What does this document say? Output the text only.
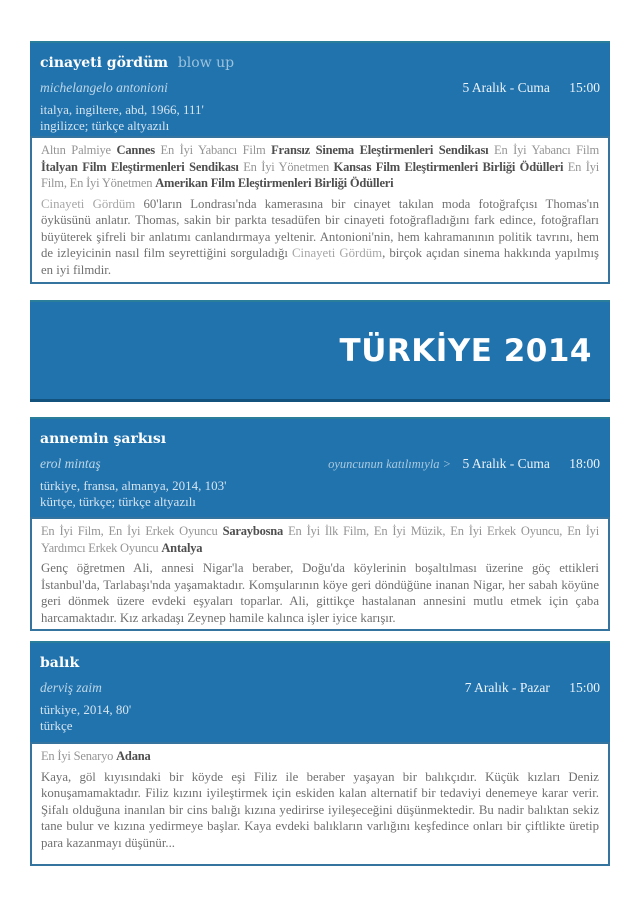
cinayeti gördüm blow up
michelangelo antonioni	5 Aralık - Cuma 15:00
italya, ingiltere, abd, 1966, 111'
ingilizce; türkçe altyazılı

Altın Palmiye Cannes En İyi Yabancı Film Fransız Sinema Eleştirmenleri Sendikası En İyi Yabancı Film İtalyan Film Eleştirmenleri Sendikası En İyi Yönetmen Kansas Film Eleştirmenleri Birliği Ödülleri En İyi Film, En İyi Yönetmen Amerikan Film Eleştirmenleri Birliği Ödülleri

Cinayeti Gördüm 60'ların Londrası'nda kamerasına bir cinayet takılan moda fotoğrafçısı Thomas'ın öyküsünü anlatır. Thomas, sakin bir parkta tesadüfen bir cinayeti fotoğrafladığını fark edince, fotoğrafları büyüterek şifreli bir anlatımı canlandırmaya yeltenir. Antonioni'nin, hem kahramanının politik tavrını, hem de izleyicinin nasıl film seyrettiğini sorguladığı Cinayeti Gördüm, birçok açıdan sinema hakkında yapılmış en iyi filmdir.

TÜRKİYE 2014
annemin şarkısı
erol mintaş	oyuncunun katılımıyla > 5 Aralık - Cuma 18:00
türkiye, fransa, almanya, 2014, 103'
kürtçe, türkçe; türkçe altyazılı

En İyi Film, En İyi Erkek Oyuncu Saraybosna En İyi İlk Film, En İyi Müzik, En İyi Erkek Oyuncu, En İyi Yardımcı Erkek Oyuncu Antalya

Genç öğretmen Ali, annesi Nigar'la beraber, Doğu'da köylerinin boşaltılması üzerine göç ettikleri İstanbul'da, Tarlabaşı'nda yaşamaktadır. Komşularının köye geri döndüğüne inanan Nigar, her sabah köyüne geri dönmek üzere evdeki eşyaları toparlar. Ali, gittikçe hastalanan annesini mutlu etmek için çaba harcamaktadır. Kız arkadaşı Zeynep hamile kalınca işler iyice karışır.

balık
derviş zaim	7 Aralık - Pazar 15:00
türkiye, 2014, 80'
türkçe

En İyi Senaryo Adana

Kaya, göl kıyısındaki bir köyde eşi Filiz ile beraber yaşayan bir balıkçıdır. Küçük kızları Deniz konuşamamaktadır. Filiz kızını iyileştirmek için eskiden kalan alternatif bir tedaviyi denemeye karar verir. Şifalı olduğuna inanılan bir cins balığı kızına yedirirse iyileşeceğini düşünmektedir. Bu nadir balıktan sekiz tane bulur ve kızına yedirmeye başlar. Kaya evdeki balıkların varlığını keşfedince onları bir çiftlikte üretip para kazanmayı düşünür...
